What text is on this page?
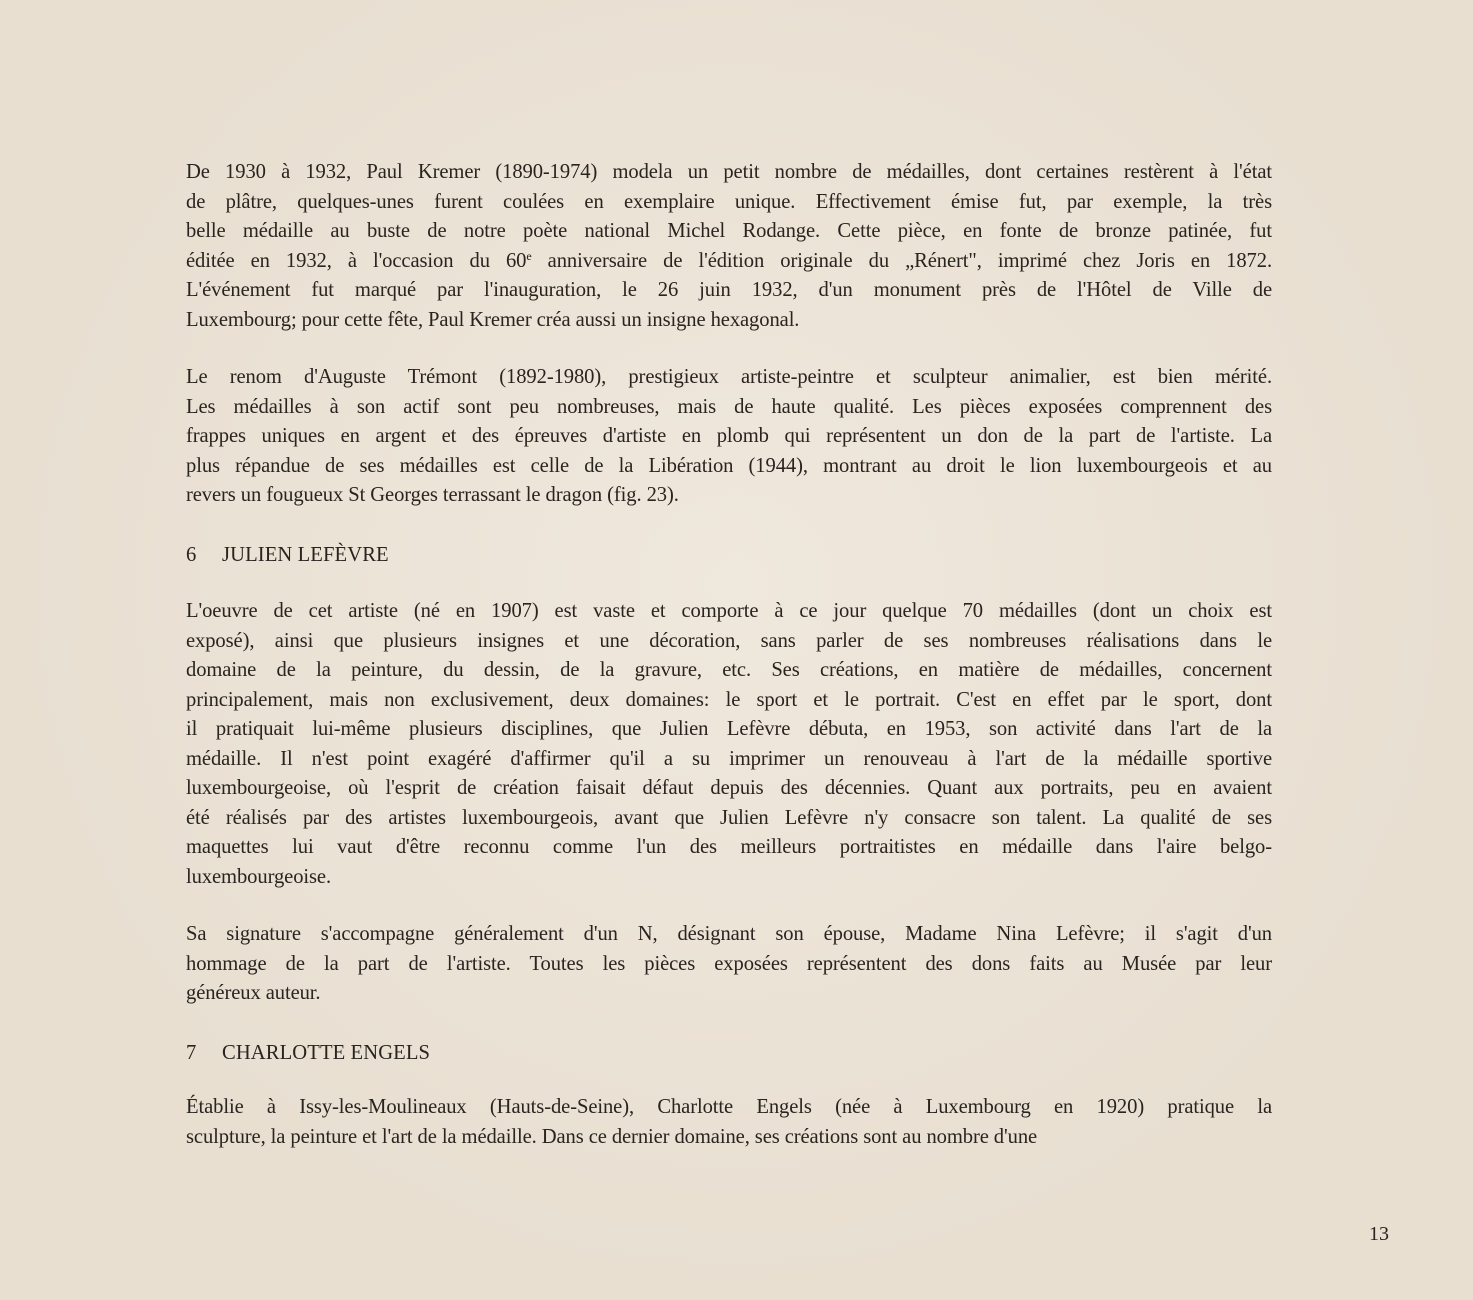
De 1930 à 1932, Paul Kremer (1890-1974) modela un petit nombre de médailles, dont certaines restèrent à l'état
de plâtre, quelques-unes furent coulées en exemplaire unique. Effectivement émise fut, par exemple, la très
belle médaille au buste de notre poète national Michel Rodange. Cette pièce, en fonte de bronze patinée, fut
éditée en 1932, à l'occasion du 60e anniversaire de l'édition originale du „Rénert", imprimé chez Joris en 1872.
L'événement fut marqué par l'inauguration, le 26 juin 1932, d'un monument près de l'Hôtel de Ville de
Luxembourg; pour cette fête, Paul Kremer créa aussi un insigne hexagonal.

Le renom d'Auguste Trémont (1892-1980), prestigieux artiste-peintre et sculpteur animalier, est bien mérité.
Les médailles à son actif sont peu nombreuses, mais de haute qualité. Les pièces exposées comprennent des
frappes uniques en argent et des épreuves d'artiste en plomb qui représentent un don de la part de l'artiste. La
plus répandue de ses médailles est celle de la Libération (1944), montrant au droit le lion luxembourgeois et au
revers un fougueux St Georges terrassant le dragon (fig. 23).

6 JULIEN LEFÈVRE

L'oeuvre de cet artiste (né en 1907) est vaste et comporte à ce jour quelque 70 médailles (dont un choix est
exposé), ainsi que plusieurs insignes et une décoration, sans parler de ses nombreuses réalisations dans le
domaine de la peinture, du dessin, de la gravure, etc. Ses créations, en matière de médailles, concernent
principalement, mais non exclusivement, deux domaines: le sport et le portrait. C'est en effet par le sport, dont
il pratiquait lui-même plusieurs disciplines, que Julien Lefèvre débuta, en 1953, son activité dans l'art de la
médaille. Il n'est point exagéré d'affirmer qu'il a su imprimer un renouveau à l'art de la médaille sportive
luxembourgeoise, où l'esprit de création faisait défaut depuis des décennies. Quant aux portraits, peu en avaient
été réalisés par des artistes luxembourgeois, avant que Julien Lefèvre n'y consacre son talent. La qualité de ses
maquettes lui vaut d'être reconnu comme l'un des meilleurs portraitistes en médaille dans l'aire belgo-
luxembourgeoise.

Sa signature s'accompagne généralement d'un N, désignant son épouse, Madame Nina Lefèvre; il s'agit d'un
hommage de la part de l'artiste. Toutes les pièces exposées représentent des dons faits au Musée par leur
généreux auteur.

7 CHARLOTTE ENGELS

Établie à Issy-les-Moulineaux (Hauts-de-Seine), Charlotte Engels (née à Luxembourg en 1920) pratique la
sculpture, la peinture et l'art de la médaille. Dans ce dernier domaine, ses créations sont au nombre d'une

13
